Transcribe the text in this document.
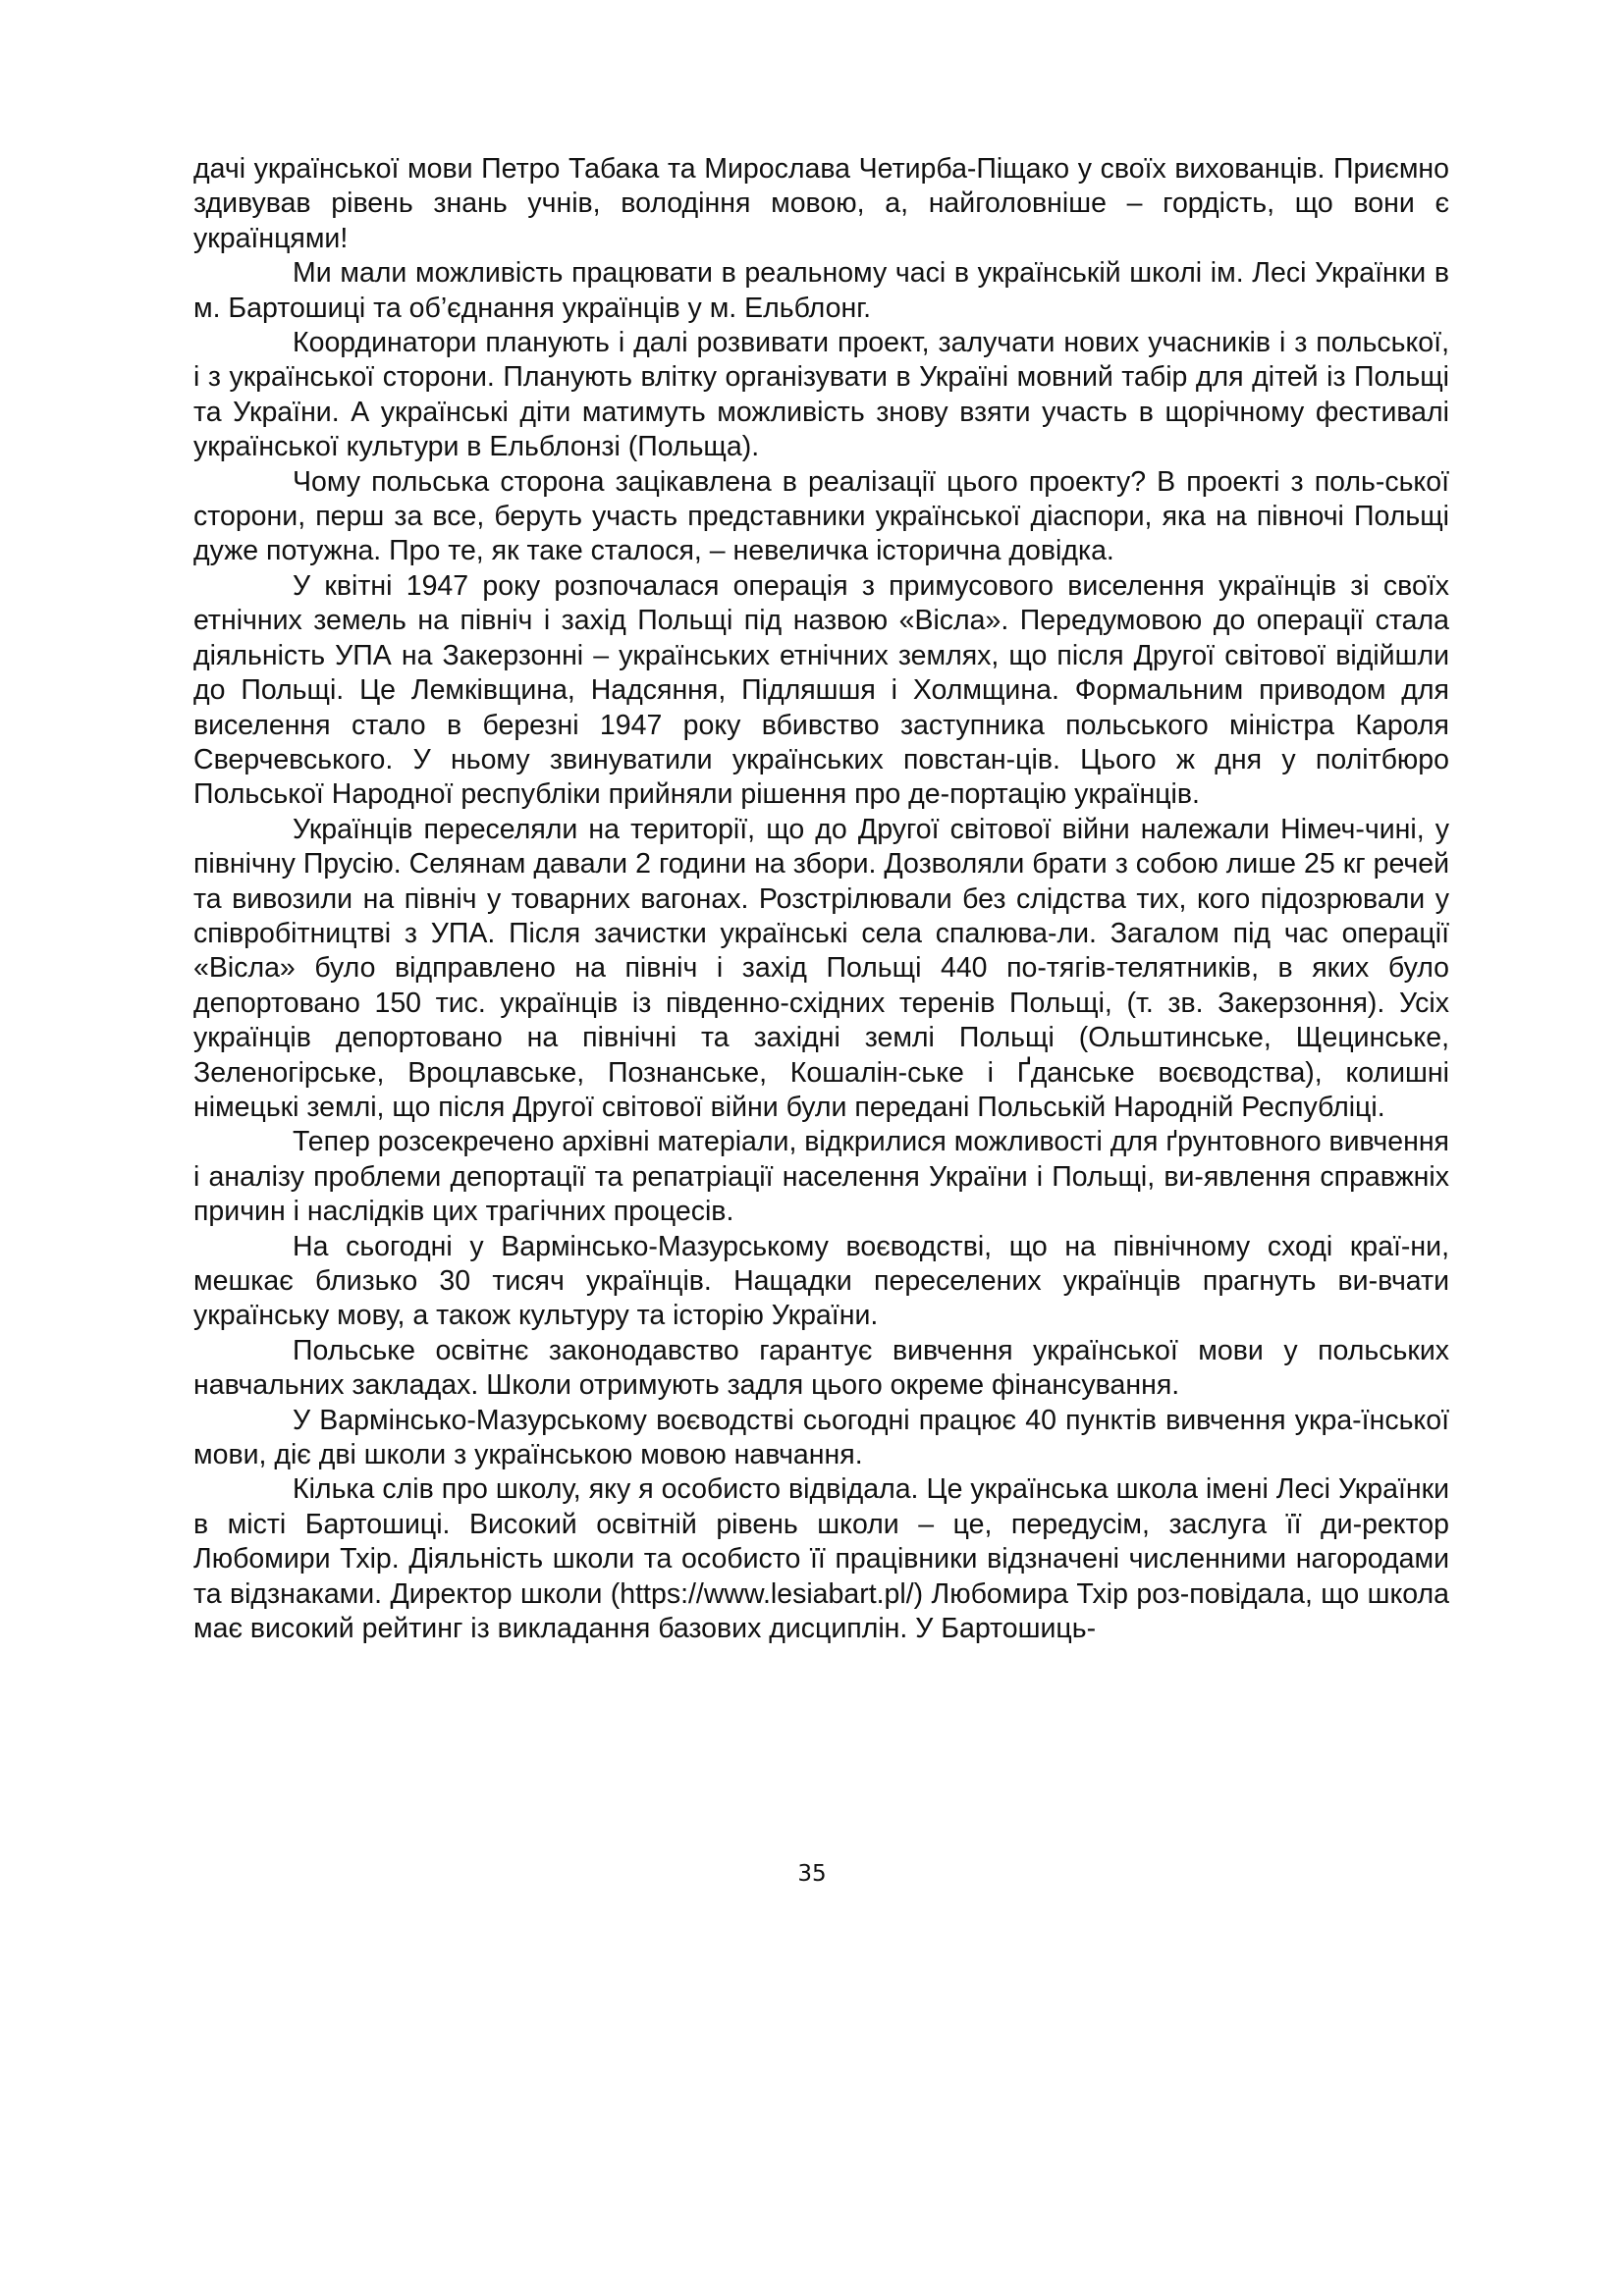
дачі української мови Петро Табака та Мирослава Четирба-Піщако у своїх вихованців. Приємно здивував рівень знань учнів, володіння мовою, а, найголовніше – гордість, що вони є українцями!

Ми мали можливість працювати в реальному часі в українській школі ім. Лесі Українки в м. Бартошиці та об’єднання українців у м. Ельблонг.

Координатори планують і далі розвивати проект, залучати нових учасників і з польської, і з української сторони. Планують влітку організувати в Україні мовний табір для дітей із Польщі та України. А українські діти матимуть можливість знову взяти участь в щорічному фестивалі української культури в Ельблонзі (Польща).

Чому польська сторона зацікавлена в реалізації цього проекту? В проекті з поль-ської сторони, перш за все, беруть участь представники української діаспори, яка на півночі Польщі дуже потужна. Про те, як таке сталося, – невеличка історична довідка.

У квітні 1947 року розпочалася операція з примусового виселення українців зі своїх етнічних земель на північ і захід Польщі під назвою «Вісла». Передумовою до операції стала діяльність УПА на Закерзонні – українських етнічних землях, що після Другої світової відійшли до Польщі. Це Лемківщина, Надсяння, Підляшшя і Холмщина. Формальним приводом для виселення стало в березні 1947 року вбивство заступника польського міністра Кароля Сверчевського. У ньому звинуватили українських повстан-ців. Цього ж дня у політбюро Польської Народної республіки прийняли рішення про де-портацію українців.

Українців переселяли на території, що до Другої світової війни належали Німеч-чині, у північну Прусію. Селянам давали 2 години на збори. Дозволяли брати з собою лише 25 кг речей та вивозили на північ у товарних вагонах. Розстрілювали без слідства тих, кого підозрювали у співробітництві з УПА. Після зачистки українські села спалюва-ли. Загалом під час операції «Вісла» було відправлено на північ і захід Польщі 440 по-тягів-телятників, в яких було депортовано 150 тис. українців із південно-східних теренів Польщі, (т. зв. Закерзоння). Усіх українців депортовано на північні та західні землі Польщі (Ольштинське, Щецинське, Зеленогірське, Вроцлавське, Познанське, Кошалін-ське і Ґданське воєводства), колишні німецькі землі, що після Другої світової війни були передані Польській Народній Республіці.

Тепер розсекречено архівні матеріали, відкрилися можливості для ґрунтовного вивчення і аналізу проблеми депортації та репатріації населення України і Польщі, ви-явлення справжніх причин і наслідків цих трагічних процесів.

На сьогодні у Вармінсько-Мазурському воєводстві, що на північному сході краї-ни, мешкає близько 30 тисяч українців. Нащадки переселених українців прагнуть ви-вчати українську мову, а також культуру та історію України.

Польське освітнє законодавство гарантує вивчення української мови у польських навчальних закладах. Школи отримують задля цього окреме фінансування.

У Вармінсько-Мазурському воєводстві сьогодні працює 40 пунктів вивчення укра-їнської мови, діє дві школи з українською мовою навчання.

Кілька слів про школу, яку я особисто відвідала. Це українська школа імені Лесі Українки в місті Бартошиці. Високий освітній рівень школи – це, передусім, заслуга її ди-ректор Любомири Тхір. Діяльність школи та особисто її працівники відзначені численними нагородами та відзнаками. Директор школи (https://www.lesiabart.pl/) Любомира Тхір роз-повідала, що школа має високий рейтинг із викладання базових дисциплін. У Бартошиць-

35
